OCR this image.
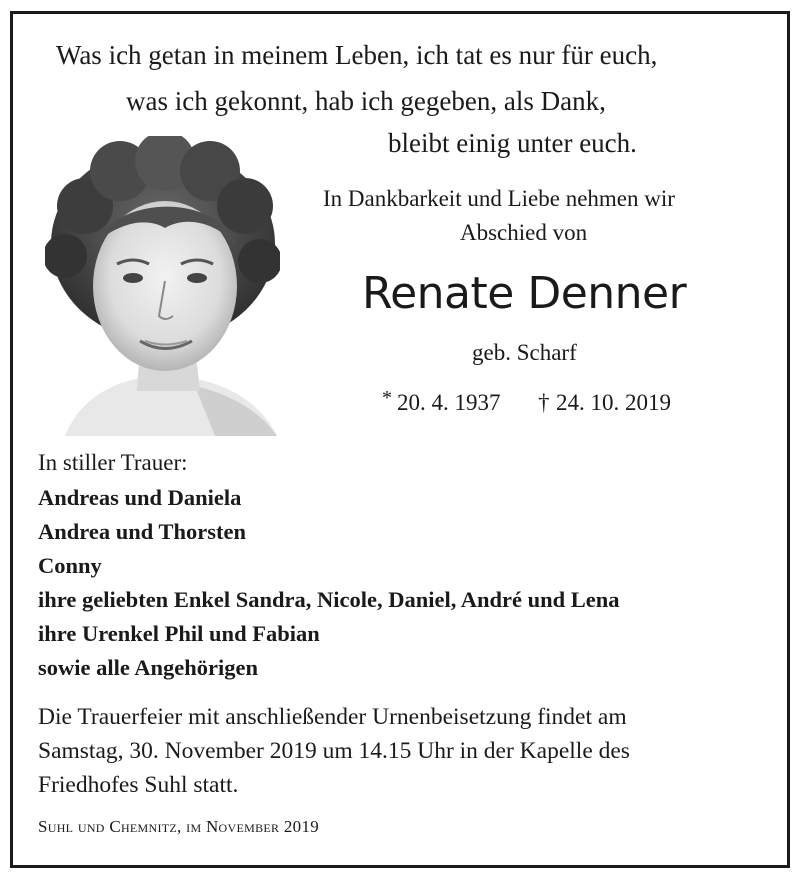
Was ich getan in meinem Leben, ich tat es nur für euch,
was ich gekonnt, hab ich gegeben, als Dank,
bleibt einig unter euch.
In Dankbarkeit und Liebe nehmen wir
Abschied von
Renate Denner
geb. Scharf
* 20. 4. 1937 † 24. 10. 2019
In stiller Trauer:
Andreas und Daniela
Andrea und Thorsten
Conny
ihre geliebten Enkel Sandra, Nicole, Daniel, André und Lena
ihre Urenkel Phil und Fabian
sowie alle Angehörigen
Die Trauerfeier mit anschließender Urnenbeisetzung findet am
Samstag, 30. November 2019 um 14.15 Uhr in der Kapelle des
Friedhofes Suhl statt.
Suhl und Chemnitz, im November 2019
